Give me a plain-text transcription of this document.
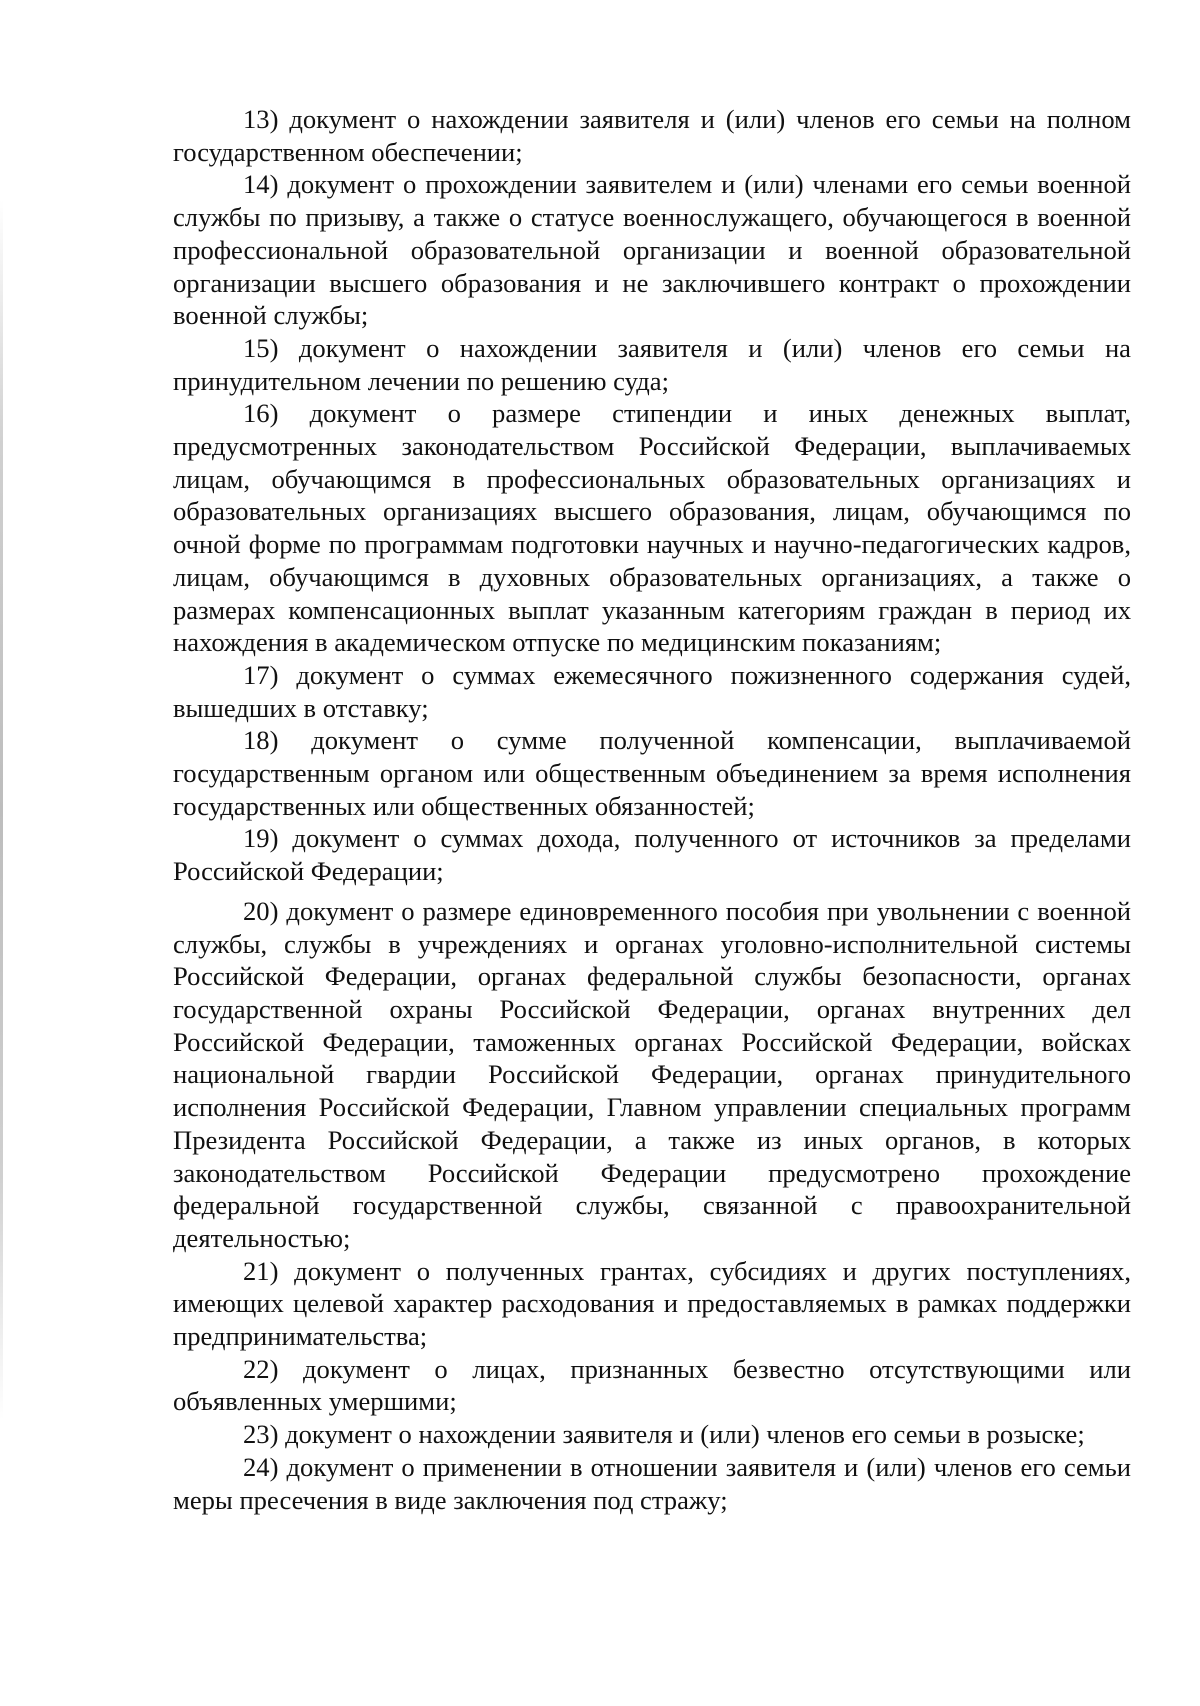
13) документ о нахождении заявителя и (или) членов его семьи на полном государственном обеспечении;

14) документ о прохождении заявителем и (или) членами его семьи военной службы по призыву, а также о статусе военнослужащего, обучающегося в военной профессиональной образовательной организации и военной образовательной организации высшего образования и не заключившего контракт о прохождении военной службы;

15) документ о нахождении заявителя и (или) членов его семьи на принудительном лечении по решению суда;

16) документ о размере стипендии и иных денежных выплат, предусмотренных законодательством Российской Федерации, выплачиваемых лицам, обучающимся в профессиональных образовательных организациях и образовательных организациях высшего образования, лицам, обучающимся по очной форме по программам подготовки научных и научно-педагогических кадров, лицам, обучающимся в духовных образовательных организациях, а также о размерах компенсационных выплат указанным категориям граждан в период их нахождения в академическом отпуске по медицинским показаниям;

17) документ о суммах ежемесячного пожизненного содержания судей, вышедших в отставку;

18) документ о сумме полученной компенсации, выплачиваемой государственным органом или общественным объединением за время исполнения государственных или общественных обязанностей;

19) документ о суммах дохода, полученного от источников за пределами Российской Федерации;

20) документ о размере единовременного пособия при увольнении с военной службы, службы в учреждениях и органах уголовно-исполнительной системы Российской Федерации, органах федеральной службы безопасности, органах государственной охраны Российской Федерации, органах внутренних дел Российской Федерации, таможенных органах Российской Федерации, войсках национальной гвардии Российской Федерации, органах принудительного исполнения Российской Федерации, Главном управлении специальных программ Президента Российской Федерации, а также из иных органов, в которых законодательством Российской Федерации предусмотрено прохождение федеральной государственной службы, связанной с правоохранительной деятельностью;

21) документ о полученных грантах, субсидиях и других поступлениях, имеющих целевой характер расходования и предоставляемых в рамках поддержки предпринимательства;

22) документ о лицах, признанных безвестно отсутствующими или объявленных умершими;

23) документ о нахождении заявителя и (или) членов его семьи в розыске;

24) документ о применении в отношении заявителя и (или) членов его семьи меры пресечения в виде заключения под стражу;
